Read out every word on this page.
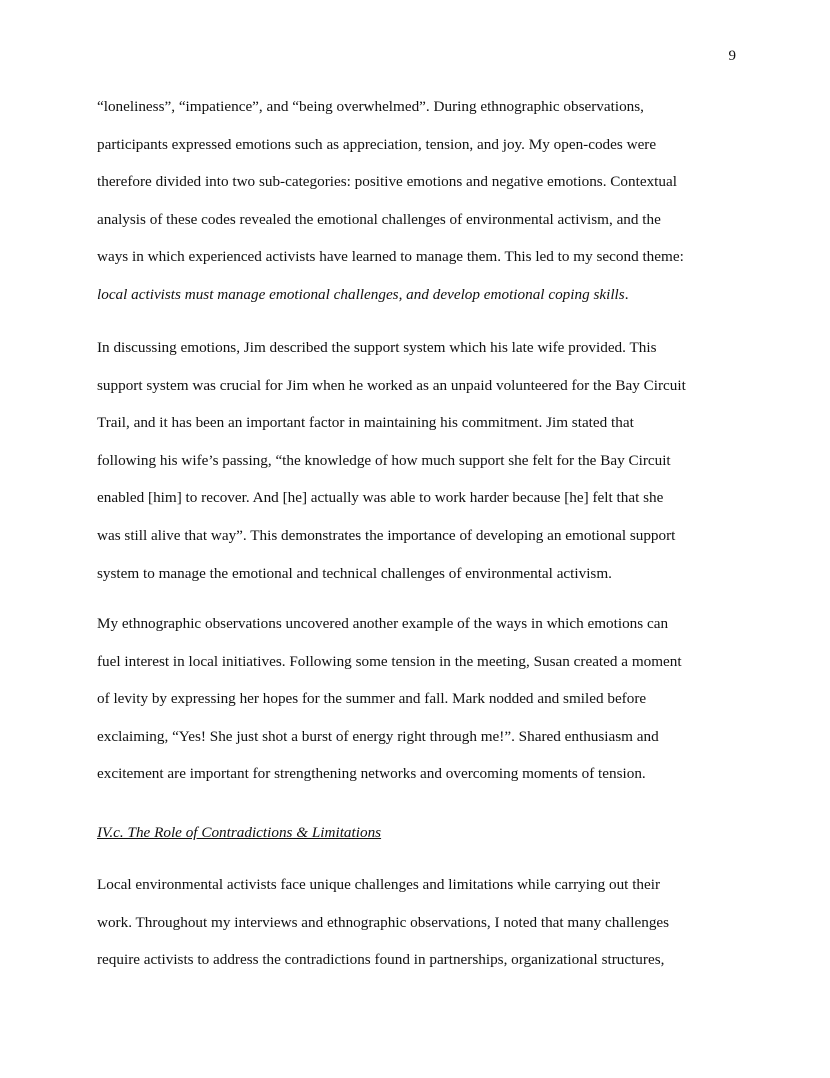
9

“loneliness”, “impatience”, and “being overwhelmed”. During ethnographic observations,
participants expressed emotions such as appreciation, tension, and joy. My open-codes were
therefore divided into two sub-categories: positive emotions and negative emotions. Contextual
analysis of these codes revealed the emotional challenges of environmental activism, and the
ways in which experienced activists have learned to manage them. This led to my second theme:
local activists must manage emotional challenges, and develop emotional coping skills.

In discussing emotions, Jim described the support system which his late wife provided. This
support system was crucial for Jim when he worked as an unpaid volunteered for the Bay Circuit
Trail, and it has been an important factor in maintaining his commitment. Jim stated that
following his wife’s passing, “the knowledge of how much support she felt for the Bay Circuit
enabled [him] to recover. And [he] actually was able to work harder because [he] felt that she
was still alive that way”. This demonstrates the importance of developing an emotional support
system to manage the emotional and technical challenges of environmental activism.

My ethnographic observations uncovered another example of the ways in which emotions can
fuel interest in local initiatives. Following some tension in the meeting, Susan created a moment
of levity by expressing her hopes for the summer and fall. Mark nodded and smiled before
exclaiming, “Yes! She just shot a burst of energy right through me!”. Shared enthusiasm and
excitement are important for strengthening networks and overcoming moments of tension.

IV.c. The Role of Contradictions & Limitations

Local environmental activists face unique challenges and limitations while carrying out their
work. Throughout my interviews and ethnographic observations, I noted that many challenges
require activists to address the contradictions found in partnerships, organizational structures,
